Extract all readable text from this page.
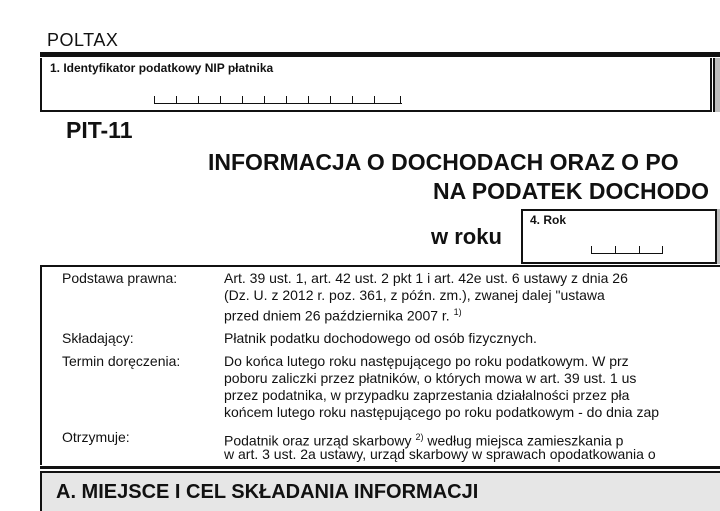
POLTAX
1. Identyfikator podatkowy NIP płatnika
PIT-11
INFORMACJA O DOCHODACH ORAZ O PO
NA PODATEK DOCHODO
w roku
4. Rok
Podstawa prawna:	Art. 39 ust. 1, art. 42 ust. 2 pkt 1 i art. 42e ust. 6 ustawy z dnia 26
(Dz. U. z 2012 r. poz. 361, z późn. zm.), zwanej dalej "ustawa
przed dniem 26 października 2007 r. $^{1)}$
Składający:	Płatnik podatku dochodowego od osób fizycznych.
Termin doręczenia:	Do końca lutego roku następującego po roku podatkowym. W prz
poboru zaliczki przez płatników, o których mowa w art. 39 ust. 1 us
przez podatnika, w przypadku zaprzestania działalności przez pła
końcem lutego roku następującego po roku podatkowym - do dnia zap
Otrzymuje:	Podatnik oraz urząd skarbowy $^{2)}$ według miejsca zamieszkania p
w art. 3 ust. 2a ustawy, urząd skarbowy w sprawach opodatkowania o
A. MIEJSCE I CEL SKŁADANIA INFORMACJI
